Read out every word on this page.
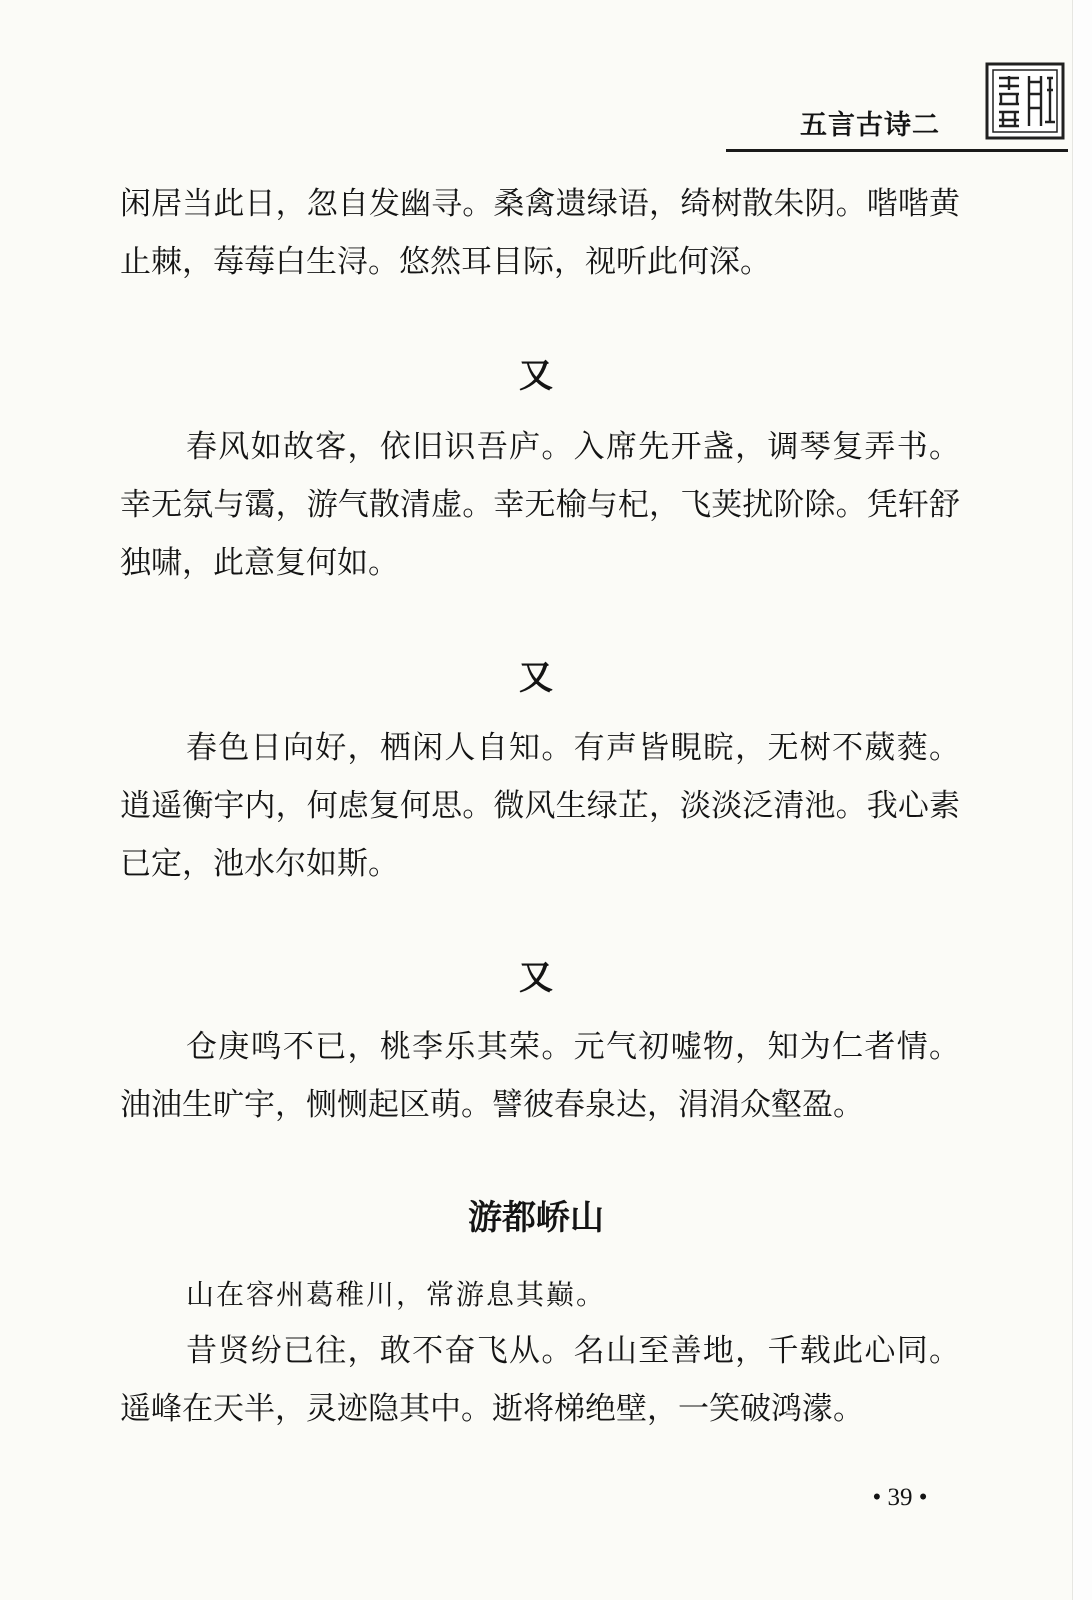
五言古诗二

闲居当此日，忽自发幽寻。桑禽遗绿语，绮树散朱阴。喈喈黄止棘，莓莓白生浔。悠然耳目际，视听此何深。

又

春风如故客，依旧识吾庐。入席先开盏，调琴复弄书。幸无氛与霭，游气散清虚。幸无榆与杞，飞荚扰阶除。凭轩舒独啸，此意复何如。

又

春色日向好，栖闲人自知。有声皆睍睆，无树不葳蕤。逍遥衡宇内，何虑复何思。微风生绿芷，淡淡泛清池。我心素已定，池水尔如斯。

又

仓庚鸣不已，桃李乐其荣。元气初嘘物，知为仁者情。油油生旷宇，恻恻起区萌。譬彼春泉达，涓涓众壑盈。

游都峤山

山在容州葛稚川，常游息其巅。

昔贤纷已往，敢不奋飞从。名山至善地，千载此心同。遥峰在天半，灵迹隐其中。逝将梯绝壁，一笑破鸿濛。

• 39 •
